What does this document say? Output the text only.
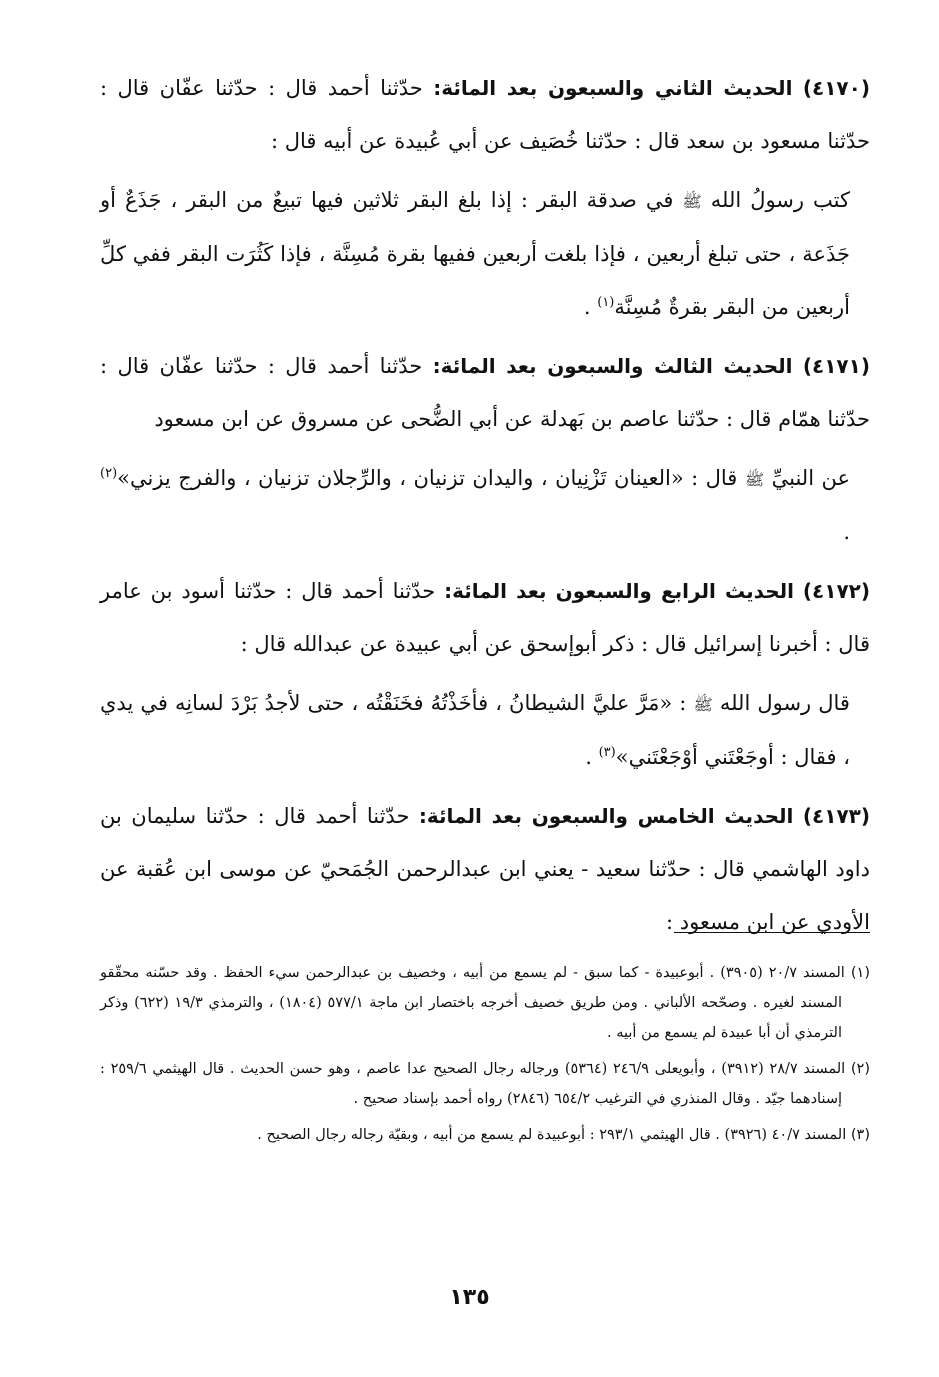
(٤١٧٠) الحديث الثاني والسبعون بعد المائة: حدّثنا أحمد قال : حدّثنا عفّان قال : حدّثنا مسعود بن سعد قال : حدّثنا خُصَيف عن أبي عُبيدة عن أبيه قال :

كتب رسولُ الله ﷺ في صدقة البقر : إذا بلغ البقر ثلاثين فيها تبيعٌ من البقر ، جَذَعٌ أو جَذَعة ، حتى تبلغ أربعين ، فإذا بلغت أربعين ففيها بقرة مُسِنَّة ، فإذا كَثُرَت البقر ففي كلِّ أربعين من البقر بقرةٌ مُسِنَّة$^{(١)}$ .

(٤١٧١) الحديث الثالث والسبعون بعد المائة: حدّثنا أحمد قال : حدّثنا عفّان قال : حدّثنا همّام قال : حدّثنا عاصم بن بَهدلة عن أبي الضُّحى عن مسروق عن ابن مسعود

عن النبيِّ ﷺ قال : «العينان تَزْنِيان ، واليدان تزنيان ، والرِّجلان تزنيان ، والفرج يزني»$^{(٢)}$ .

(٤١٧٢) الحديث الرابع والسبعون بعد المائة: حدّثنا أحمد قال : حدّثنا أسود بن عامر قال : أخبرنا إسرائيل قال : ذكر أبوإسحق عن أبي عبيدة عن عبدالله قال :

قال رسول الله ﷺ : «مَرَّ عليَّ الشيطانُ ، فأخَذْتُهُ فخَنَقْتُه ، حتى لأجدُ بَرْدَ لسانِه في يدي ، فقال : أوجَعْتَني أوْجَعْتَني»$^{(٣)}$ .

(٤١٧٣) الحديث الخامس والسبعون بعد المائة: حدّثنا أحمد قال : حدّثنا سليمان بن داود الهاشمي قال : حدّثنا سعيد - يعني ابن عبدالرحمن الجُمَحيّ عن موسى ابن عُقبة عن الأودي عن ابن مسعود :

(١) المسند ٢٠/٧ (٣٩٠٥) . أبوعبيدة - كما سبق - لم يسمع من أبيه ، وخصيف بن عبدالرحمن سيء الحفظ . وقد حسّنه محقّقو المسند لغيره . وصحّحه الألباني . ومن طريق خصيف أخرجه باختصار ابن ماجة ٥٧٧/١ (١٨٠٤) ، والترمذي ١٩/٣ (٦٢٢) وذكر الترمذي أن أبا عبيدة لم يسمع من أبيه .

(٢) المسند ٢٨/٧ (٣٩١٢) ، وأبويعلى ٢٤٦/٩ (٥٣٦٤) ورجاله رجال الصحيح عدا عاصم ، وهو حسن الحديث . قال الهيثمي ٢٥٩/٦ : إسنادهما جيّد . وقال المنذري في الترغيب ٦٥٤/٢ (٢٨٤٦) رواه أحمد بإسناد صحيح .

(٣) المسند ٤٠/٧ (٣٩٢٦) . قال الهيثمي ٢٩٣/١ : أبوعبيدة لم يسمع من أبيه ، وبقيّة رجاله رجال الصحيح .

١٣٥
